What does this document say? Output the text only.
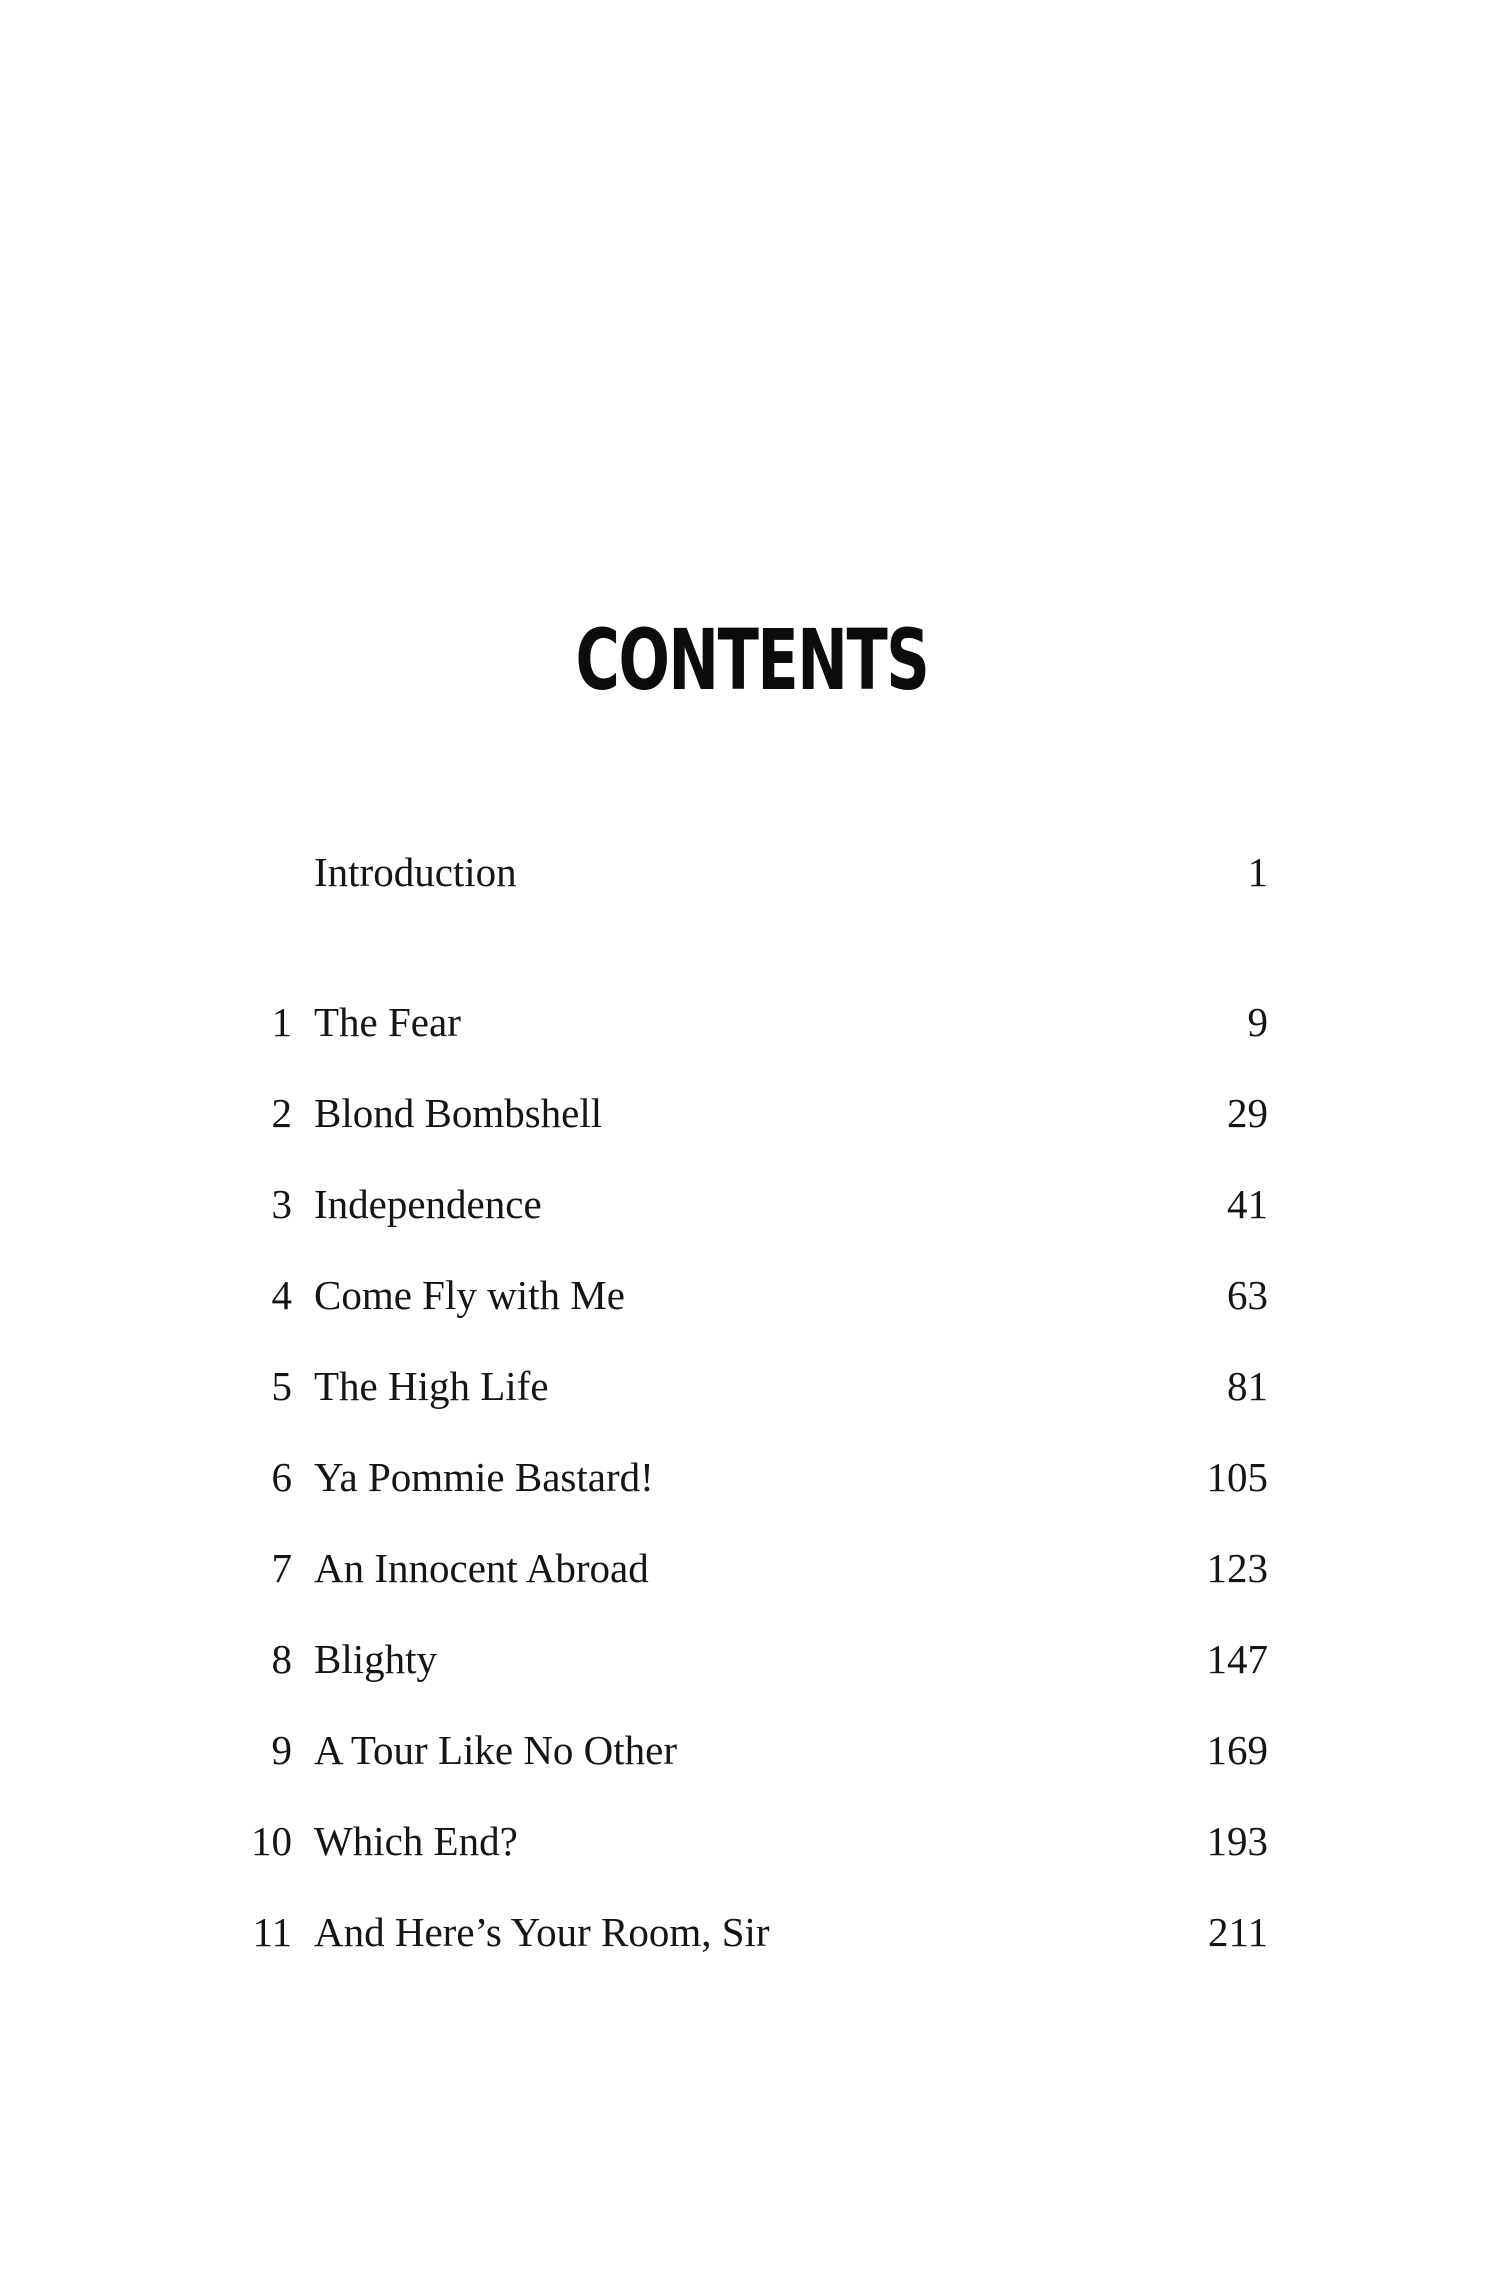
CONTENTS
Introduction	1
1 The Fear	9
2 Blond Bombshell	29
3 Independence	41
4 Come Fly with Me	63
5 The High Life	81
6 Ya Pommie Bastard!	105
7 An Innocent Abroad	123
8 Blighty	147
9 A Tour Like No Other	169
10 Which End?	193
11 And Here’s Your Room, Sir	211
